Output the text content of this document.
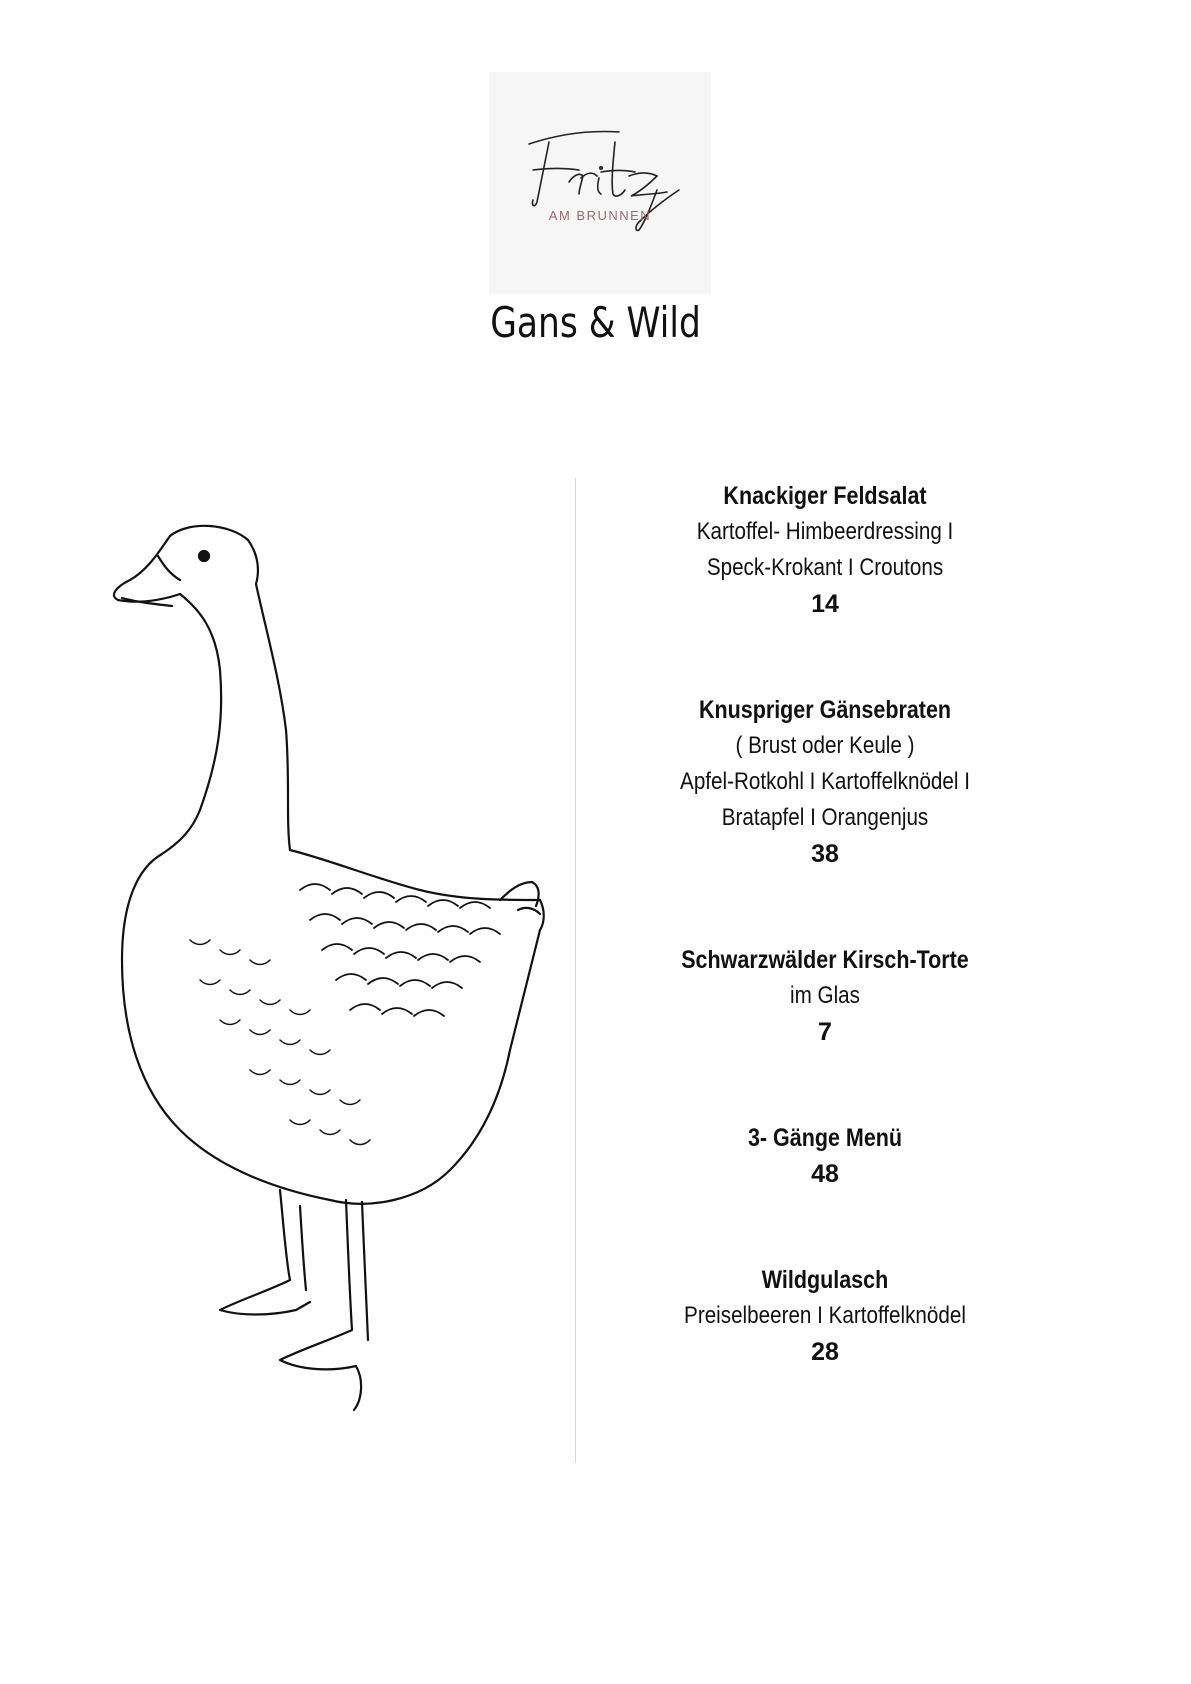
AM BRUNNEN
Gans & Wild
Knackiger Feldsalat
Kartoffel- Himbeerdressing I
Speck-Krokant I Croutons
14
Knuspriger Gänsebraten
( Brust oder Keule )
Apfel-Rotkohl I Kartoffelknödel I
Bratapfel I Orangenjus
38
Schwarzwälder Kirsch-Torte
im Glas
7
3- Gänge Menü
48
Wildgulasch
Preiselbeeren I Kartoffelknödel
28
